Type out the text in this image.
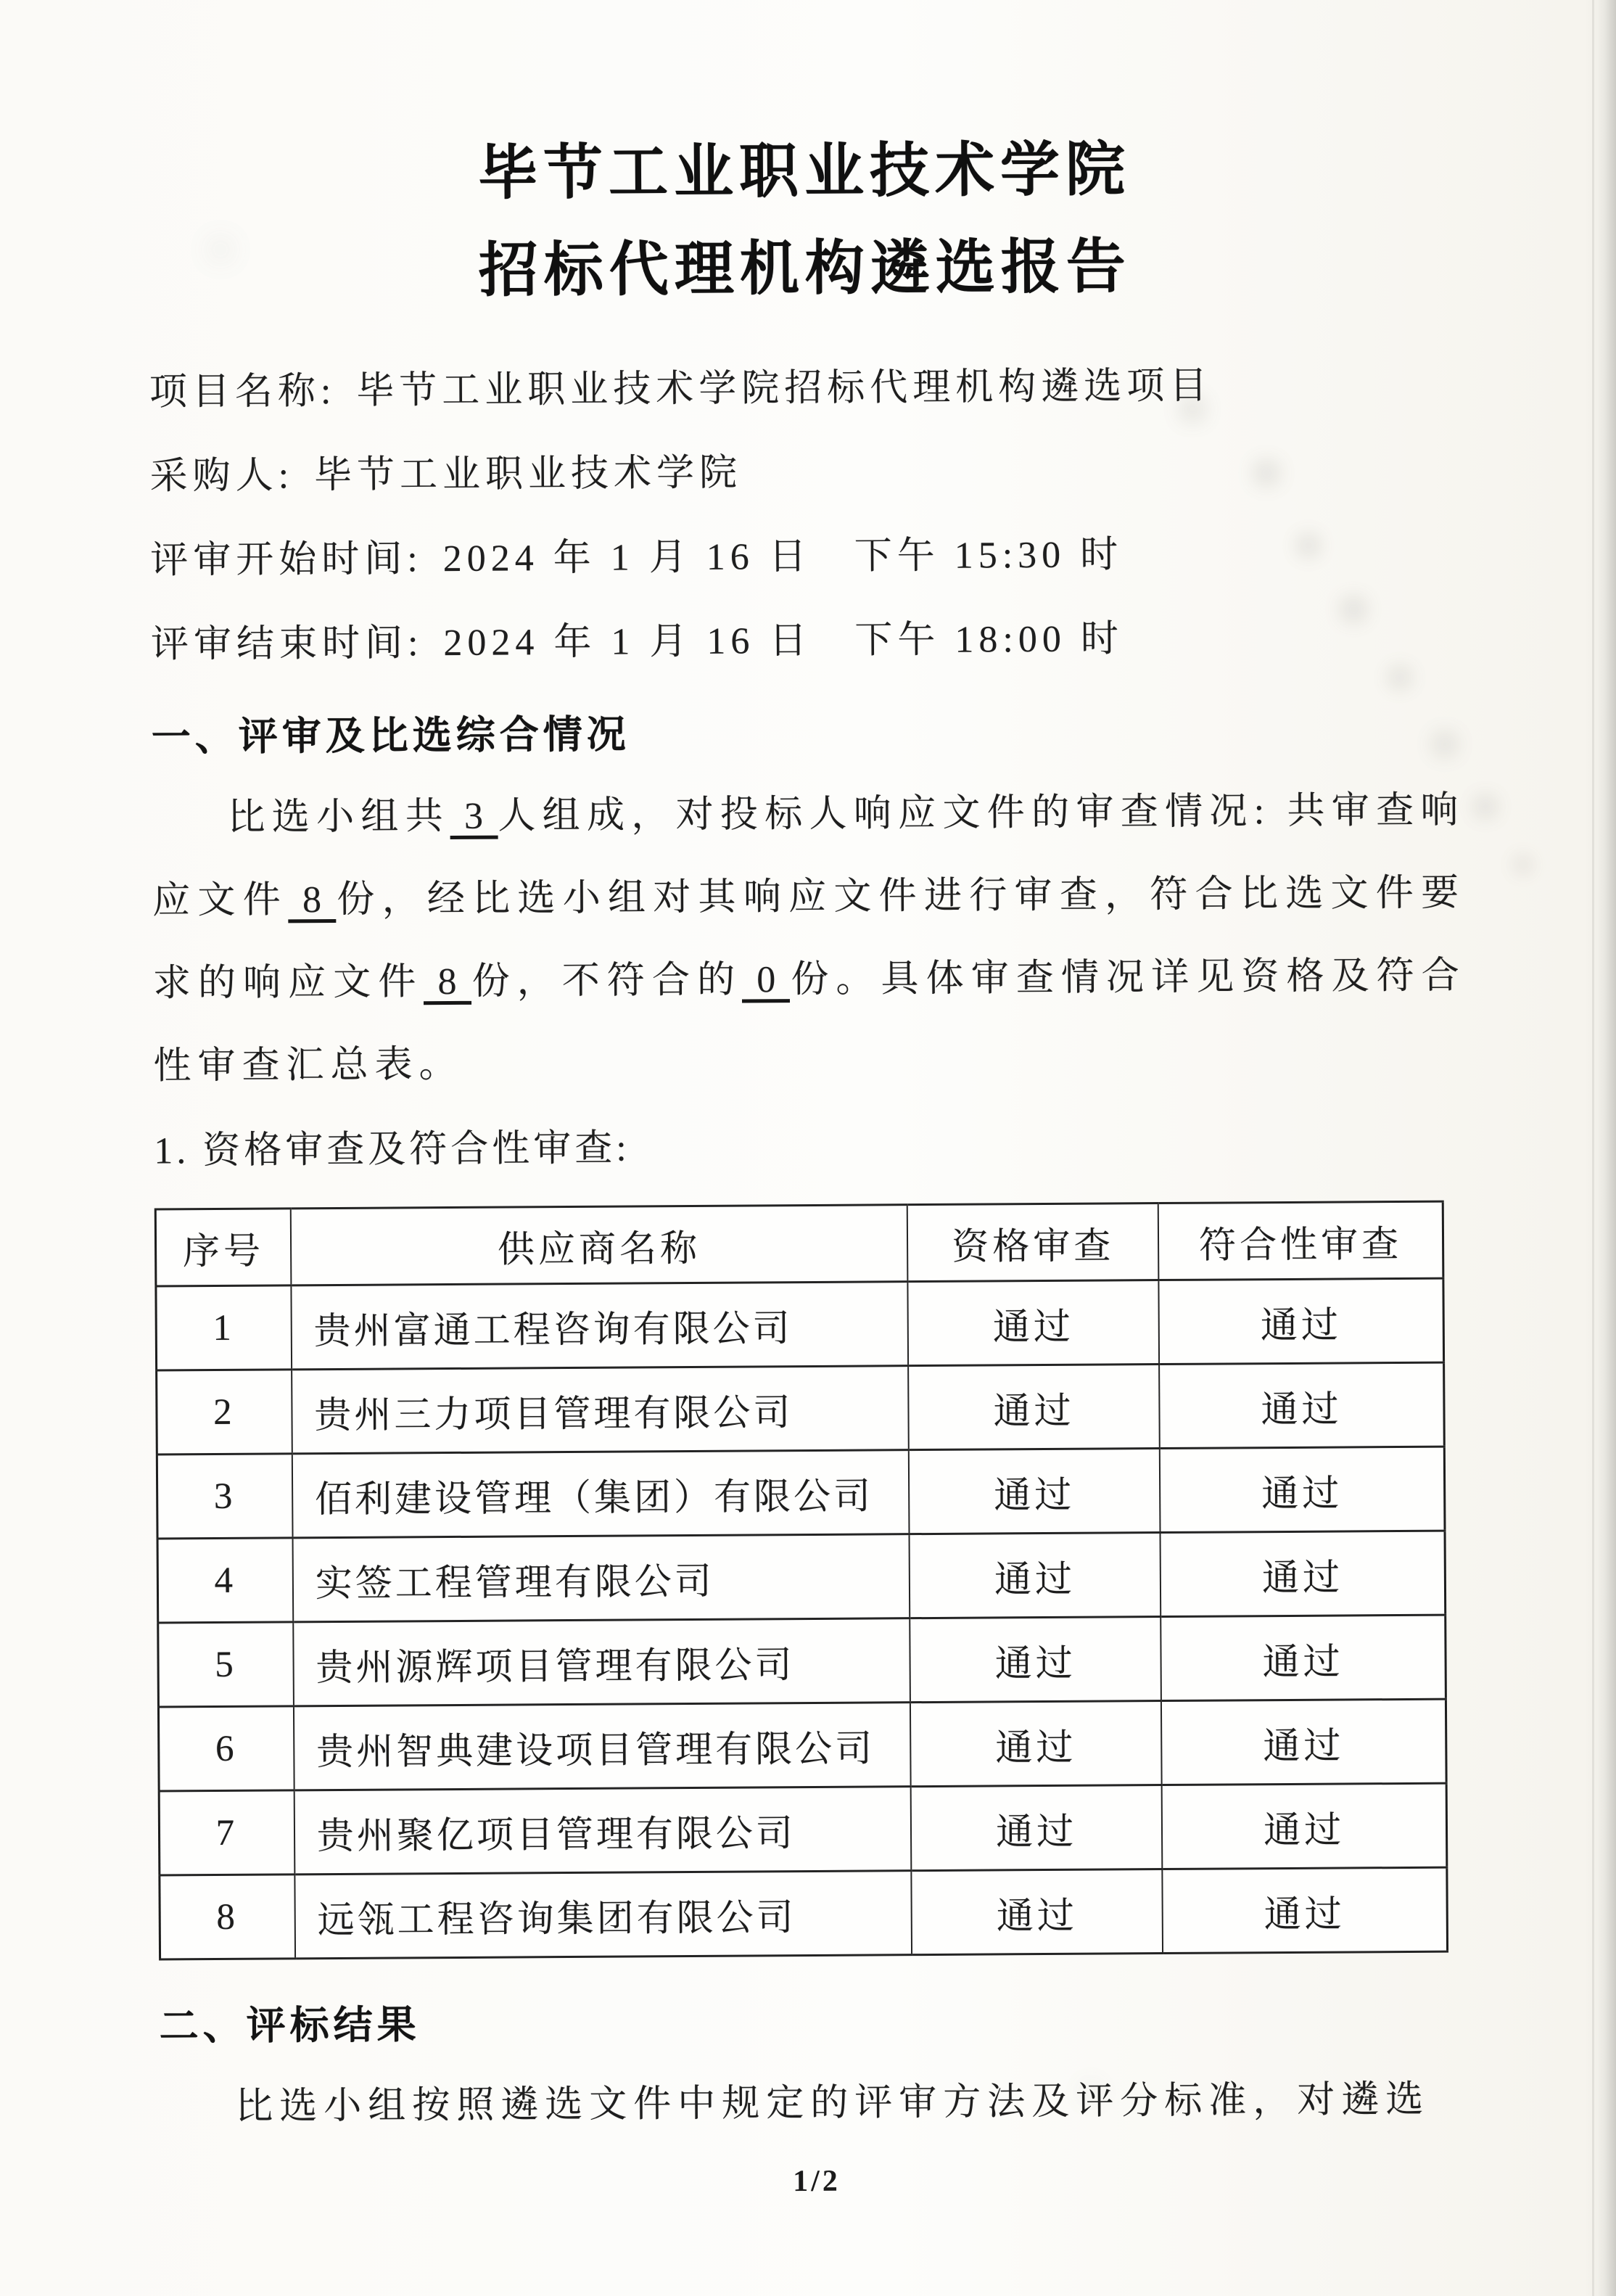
毕节工业职业技术学院
招标代理机构遴选报告

项目名称: 毕节工业职业技术学院招标代理机构遴选项目

采购人: 毕节工业职业技术学院

评审开始时间: 2024 年 1 月 16 日　下午 15:30 时

评审结束时间: 2024 年 1 月 16 日　下午 18:00 时

一、评审及比选综合情况

比选小组共 3 人组成，对投标人响应文件的审查情况: 共审查响应文件 8 份，经比选小组对其响应文件进行审查，符合比选文件要求的响应文件 8 份，不符合的 0 份。具体审查情况详见资格及符合性审查汇总表。

1. 资格审查及符合性审查:

序号	供应商名称	资格审查	符合性审查
1	贵州富通工程咨询有限公司	通过	通过
2	贵州三力项目管理有限公司	通过	通过
3	佰利建设管理（集团）有限公司	通过	通过
4	实签工程管理有限公司	通过	通过
5	贵州源辉项目管理有限公司	通过	通过
6	贵州智典建设项目管理有限公司	通过	通过
7	贵州聚亿项目管理有限公司	通过	通过
8	远瓴工程咨询集团有限公司	通过	通过
二、评标结果

比选小组按照遴选文件中规定的评审方法及评分标准，对遴选

1/2
